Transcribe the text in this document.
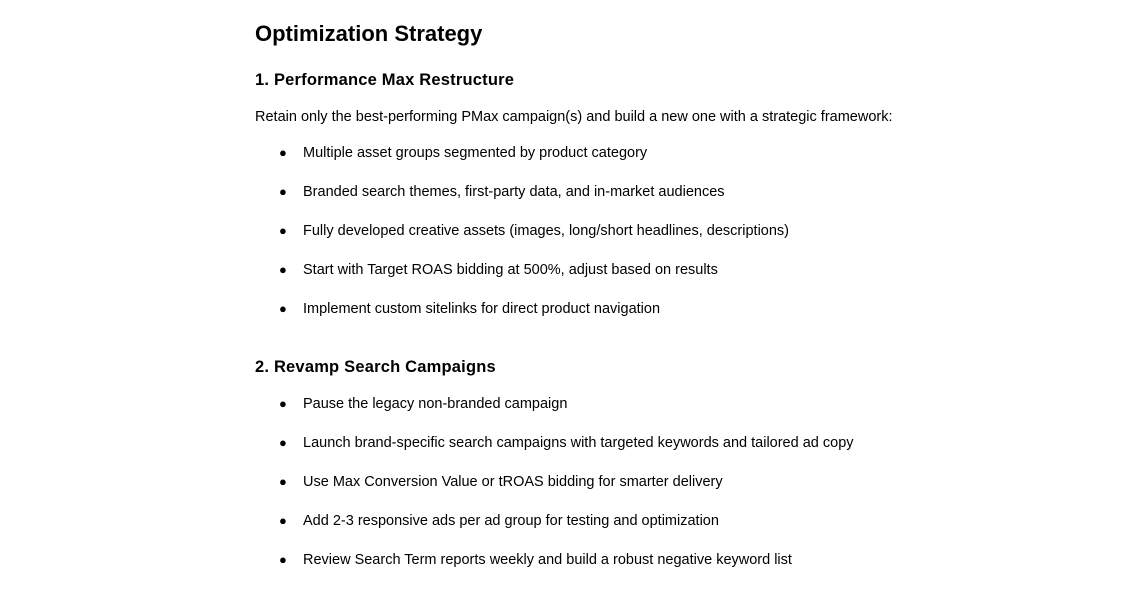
Optimization Strategy
1. Performance Max Restructure

Retain only the best-performing PMax campaign(s) and build a new one with a strategic framework:

● Multiple asset groups segmented by product category
● Branded search themes, first-party data, and in-market audiences
● Fully developed creative assets (images, long/short headlines, descriptions)
● Start with Target ROAS bidding at 500%, adjust based on results
● Implement custom sitelinks for direct product navigation
2. Revamp Search Campaigns
● Pause the legacy non-branded campaign
● Launch brand-specific search campaigns with targeted keywords and tailored ad copy
● Use Max Conversion Value or tROAS bidding for smarter delivery
● Add 2-3 responsive ads per ad group for testing and optimization
● Review Search Term reports weekly and build a robust negative keyword list
